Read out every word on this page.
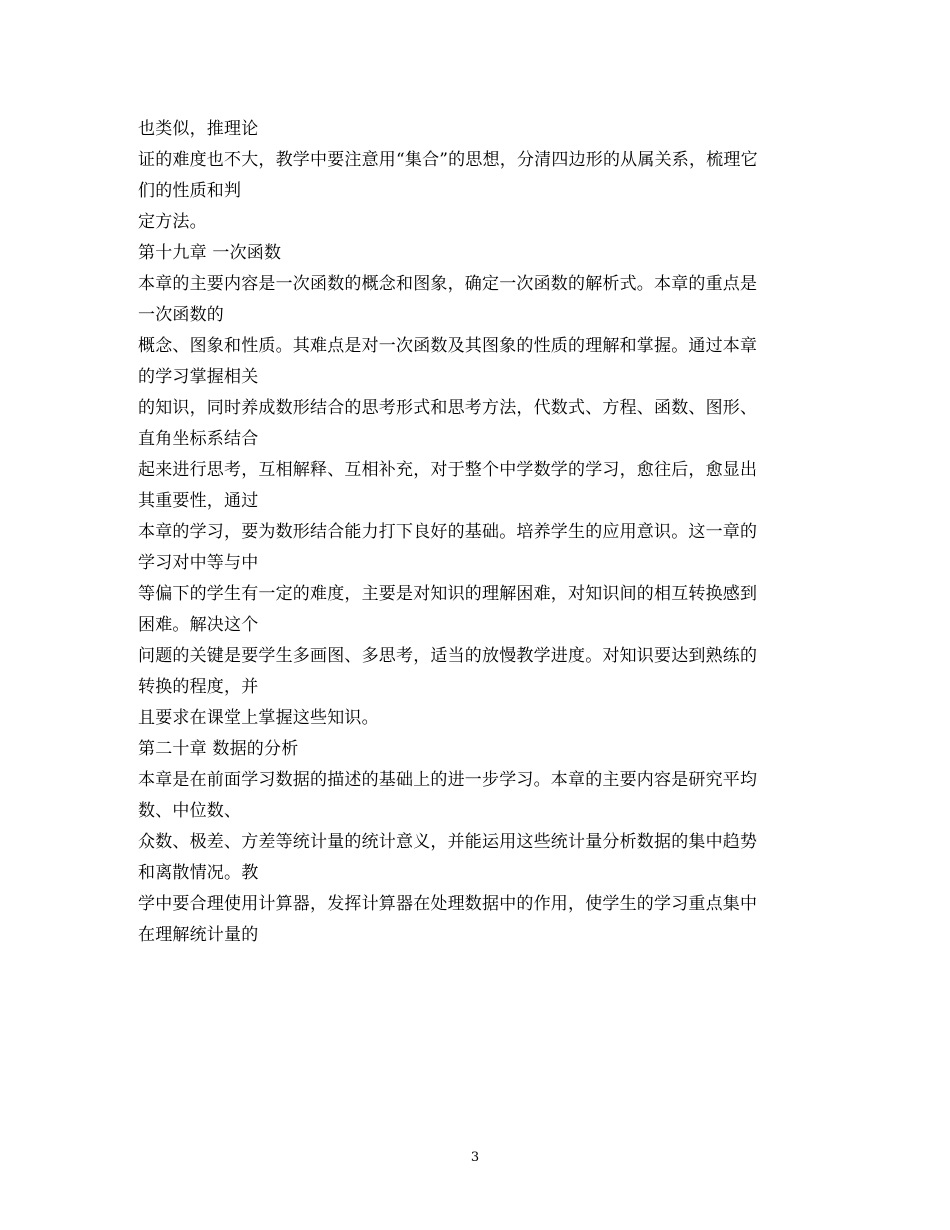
也类似，推理论
证的难度也不大，教学中要注意用“集合”的思想，分清四边形的从属关系，梳理它
们的性质和判
定方法。
第十九章 一次函数
本章的主要内容是一次函数的概念和图象，确定一次函数的解析式。本章的重点是
一次函数的
概念、图象和性质。其难点是对一次函数及其图象的性质的理解和掌握。通过本章
的学习掌握相关
的知识，同时养成数形结合的思考形式和思考方法，代数式、方程、函数、图形、
直角坐标系结合
起来进行思考，互相解释、互相补充，对于整个中学数学的学习，愈往后，愈显出
其重要性，通过
本章的学习，要为数形结合能力打下良好的基础。培养学生的应用意识。这一章的
学习对中等与中
等偏下的学生有一定的难度，主要是对知识的理解困难，对知识间的相互转换感到
困难。解决这个
问题的关键是要学生多画图、多思考，适当的放慢教学进度。对知识要达到熟练的
转换的程度，并
且要求在课堂上掌握这些知识。
第二十章 数据的分析
本章是在前面学习数据的描述的基础上的进一步学习。本章的主要内容是研究平均
数、中位数、
众数、极差、方差等统计量的统计意义，并能运用这些统计量分析数据的集中趋势
和离散情况。教
学中要合理使用计算器，发挥计算器在处理数据中的作用，使学生的学习重点集中
在理解统计量的
3
